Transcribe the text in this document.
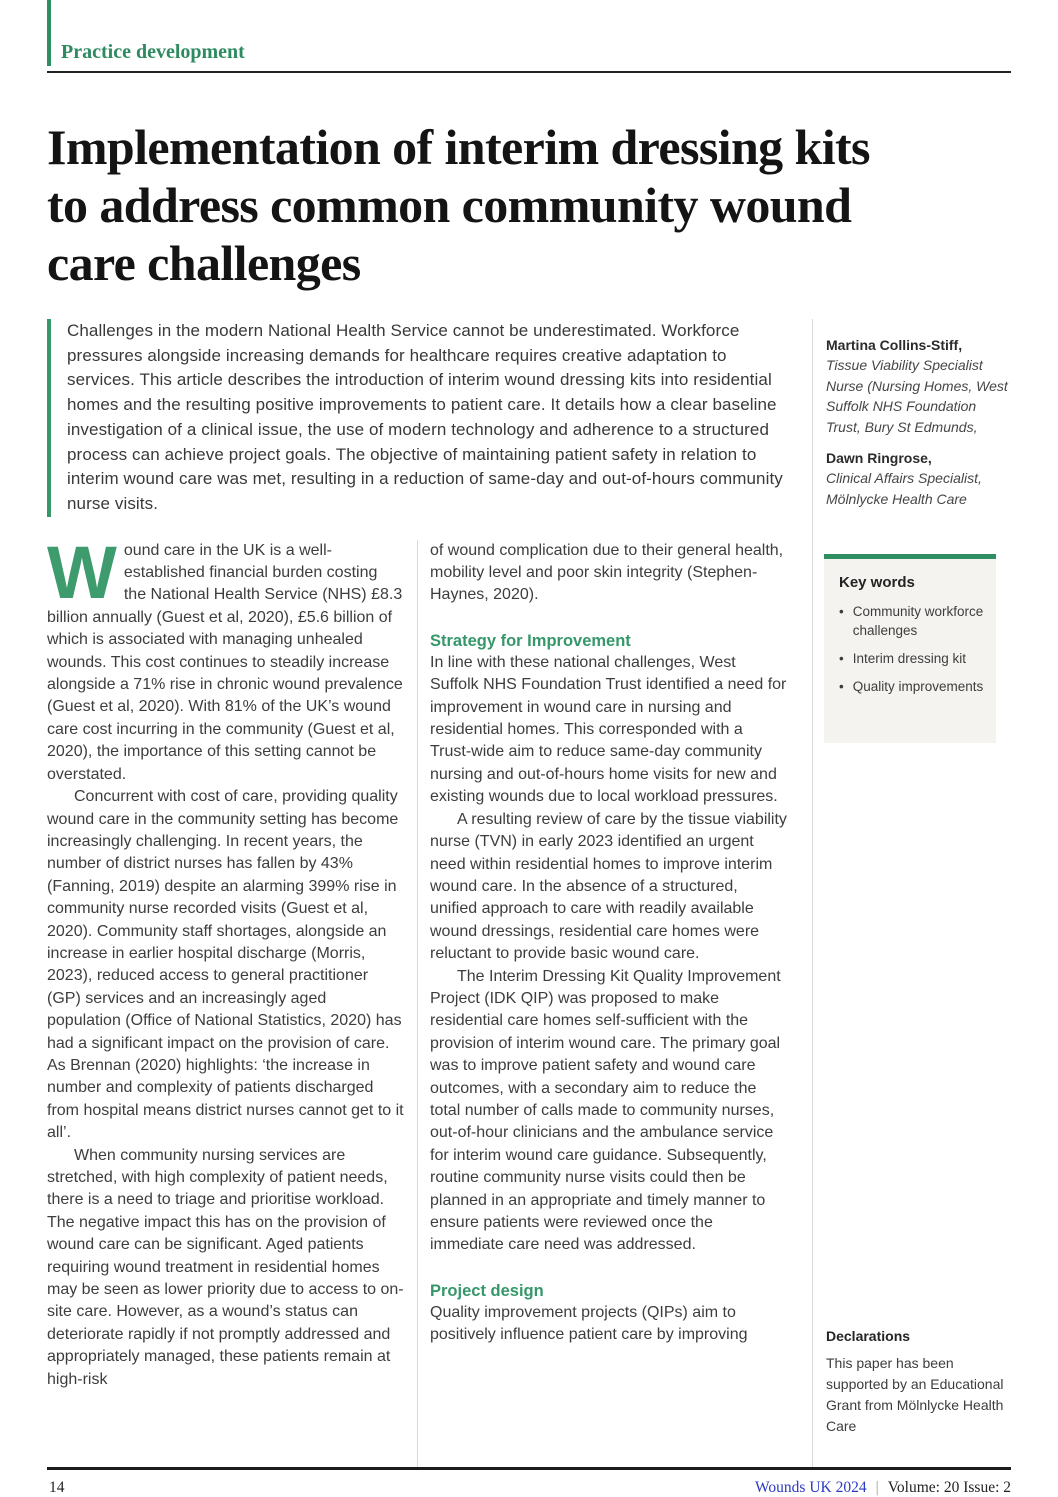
Practice development
Implementation of interim dressing kits
to address common community wound
care challenges
Challenges in the modern National Health Service cannot be underestimated. Workforce pressures alongside increasing demands for healthcare requires creative adaptation to services. This article describes the introduction of interim wound dressing kits into residential homes and the resulting positive improvements to patient care. It details how a clear baseline investigation of a clinical issue, the use of modern technology and adherence to a structured process can achieve project goals. The objective of maintaining patient safety in relation to interim wound care was met, resulting in a reduction of same-day and out-of-hours community nurse visits.

Wound care in the UK is a well-established financial burden costing the National Health Service (NHS) £8.3 billion annually (Guest et al, 2020), £5.6 billion of which is associated with managing unhealed wounds. This cost continues to steadily increase alongside a 71% rise in chronic wound prevalence (Guest et al, 2020). With 81% of the UK’s wound care cost incurring in the community (Guest et al, 2020), the importance of this setting cannot be overstated.

Concurrent with cost of care, providing quality wound care in the community setting has become increasingly challenging. In recent years, the number of district nurses has fallen by 43% (Fanning, 2019) despite an alarming 399% rise in community nurse recorded visits (Guest et al, 2020). Community staff shortages, alongside an increase in earlier hospital discharge (Morris, 2023), reduced access to general practitioner (GP) services and an increasingly aged population (Office of National Statistics, 2020) has had a significant impact on the provision of care. As Brennan (2020) highlights: ‘the increase in number and complexity of patients discharged from hospital means district nurses cannot get to it all’.

When community nursing services are stretched, with high complexity of patient needs, there is a need to triage and prioritise workload. The negative impact this has on the provision of wound care can be significant. Aged patients requiring wound treatment in residential homes may be seen as lower priority due to access to on-site care. However, as a wound’s status can deteriorate rapidly if not promptly addressed and appropriately managed, these patients remain at high-risk

of wound complication due to their general health, mobility level and poor skin integrity (Stephen-Haynes, 2020).

Strategy for Improvement

In line with these national challenges, West Suffolk NHS Foundation Trust identified a need for improvement in wound care in nursing and residential homes. This corresponded with a Trust-wide aim to reduce same-day community nursing and out-of-hours home visits for new and existing wounds due to local workload pressures.

A resulting review of care by the tissue viability nurse (TVN) in early 2023 identified an urgent need within residential homes to improve interim wound care. In the absence of a structured, unified approach to care with readily available wound dressings, residential care homes were reluctant to provide basic wound care.

The Interim Dressing Kit Quality Improvement Project (IDK QIP) was proposed to make residential care homes self-sufficient with the provision of interim wound care. The primary goal was to improve patient safety and wound care outcomes, with a secondary aim to reduce the total number of calls made to community nurses, out-of-hour clinicians and the ambulance service for interim wound care guidance. Subsequently, routine community nurse visits could then be planned in an appropriate and timely manner to ensure patients were reviewed once the immediate care need was addressed.

Project design

Quality improvement projects (QIPs) aim to positively influence patient care by improving

Martina Collins-Stiff,
Tissue Viability Specialist Nurse (Nursing Homes, West Suffolk NHS Foundation Trust, Bury St Edmunds,
Dawn Ringrose,
Clinical Affairs Specialist, Mölnlycke Health Care
Key words
•
Community workforce challenges
•
Interim dressing kit
•
Quality improvements
Declarations
This paper has been supported by an Educational Grant from Mölnlycke Health Care
14	Wounds UK 2024 | Volume: 20 Issue: 2
